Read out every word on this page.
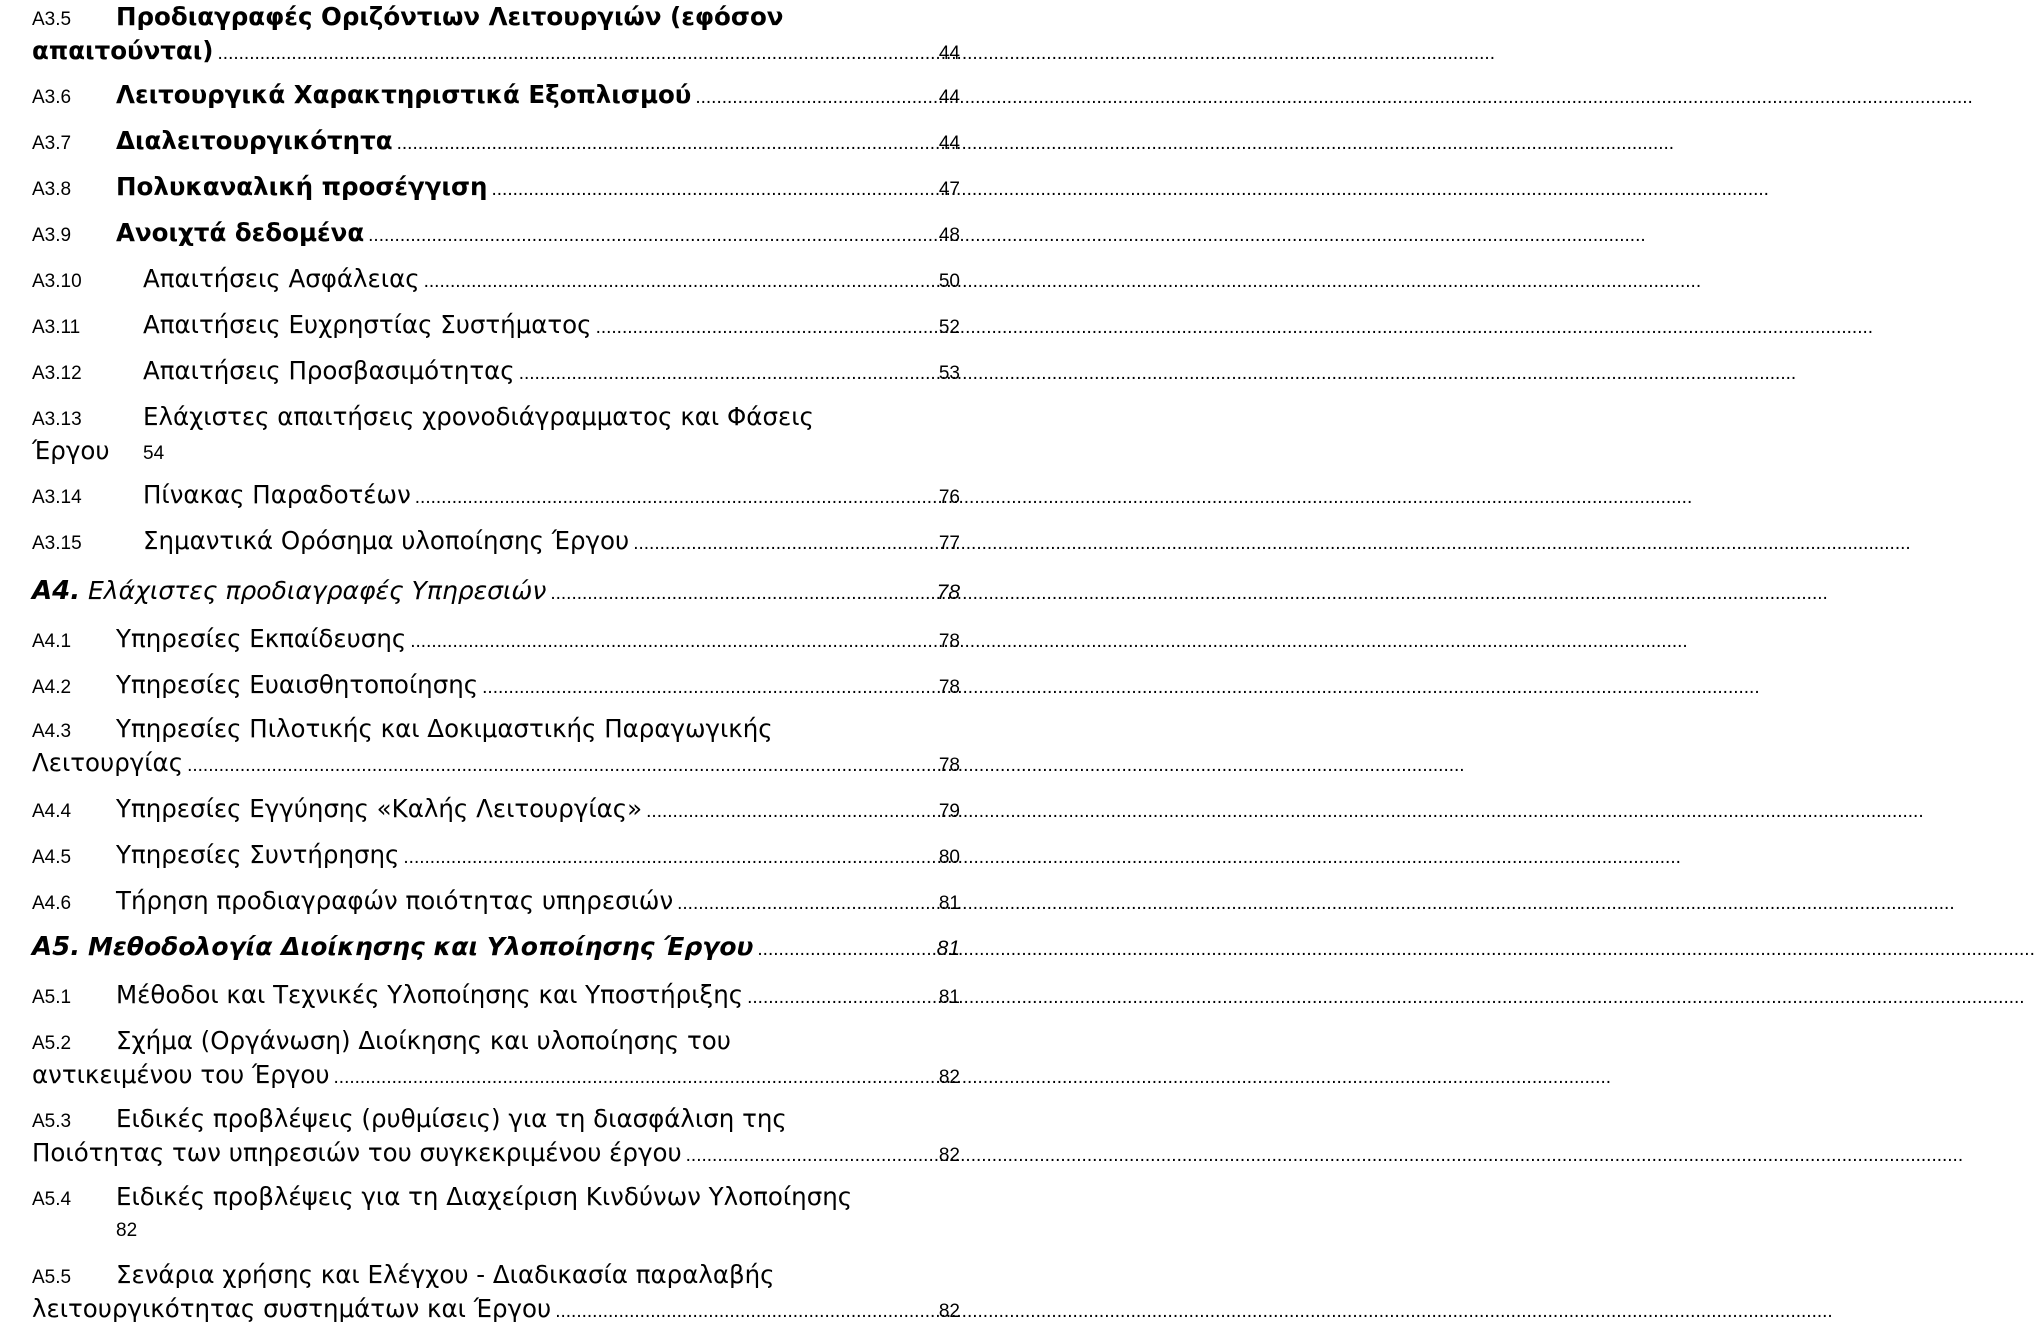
A3.5	Προδιαγραφές Οριζόντιων Λειτουργιών (εφόσον
απαιτούνται) .....	44
A3.6	Λειτουργικά Χαρακτηριστικά Εξοπλισμού .....	44
A3.7	Διαλειτουργικότητα .....	44
A3.8	Πολυκαναλική προσέγγιση .....	47
A3.9	Ανοιχτά δεδομένα .....	48
A3.10	Απαιτήσεις Ασφάλειας .....	50
A3.11	Απαιτήσεις Ευχρηστίας Συστήματος .....	52
A3.12	Απαιτήσεις Προσβασιμότητας .....	53
A3.13	Ελάχιστες απαιτήσεις χρονοδιάγραμματος και Φάσεις
Έργου	54
A3.14	Πίνακας Παραδοτέων .....	76
A3.15	Σημαντικά Ορόσημα υλοποίησης Έργου .....	77
A4. Ελάχιστες προδιαγραφές Υπηρεσιών .....	78
A4.1	Υπηρεσίες Εκπαίδευσης .....	78
A4.2	Υπηρεσίες Ευαισθητοποίησης .....	78
A4.3	Υπηρεσίες Πιλοτικής και Δοκιμαστικής Παραγωγικής
Λειτουργίας .....	78
A4.4	Υπηρεσίες Εγγύησης «Καλής Λειτουργίας» .....	79
A4.5	Υπηρεσίες Συντήρησης .....	80
A4.6	Τήρηση προδιαγραφών ποιότητας υπηρεσιών .....	81
A5. Μεθοδολογία Διοίκησης και Υλοποίησης Έργου .....	81
A5.1	Μέθοδοι και Τεχνικές Υλοποίησης και Υποστήριξης .....	81
A5.2	Σχήμα (Οργάνωση) Διοίκησης και υλοποίησης του
αντικειμένου του Έργου .....	82
A5.3	Ειδικές προβλέψεις (ρυθμίσεις) για τη διασφάλιση της
Ποιότητας των υπηρεσιών του συγκεκριμένου έργου .....	82
A5.4	Ειδικές προβλέψεις για τη Διαχείριση Κινδύνων Υλοποίησης
82
A5.5	Σενάρια χρήσης και Ελέγχου - Διαδικασία παραλαβής
λειτουργικότητας συστημάτων και Έργου .....	82
